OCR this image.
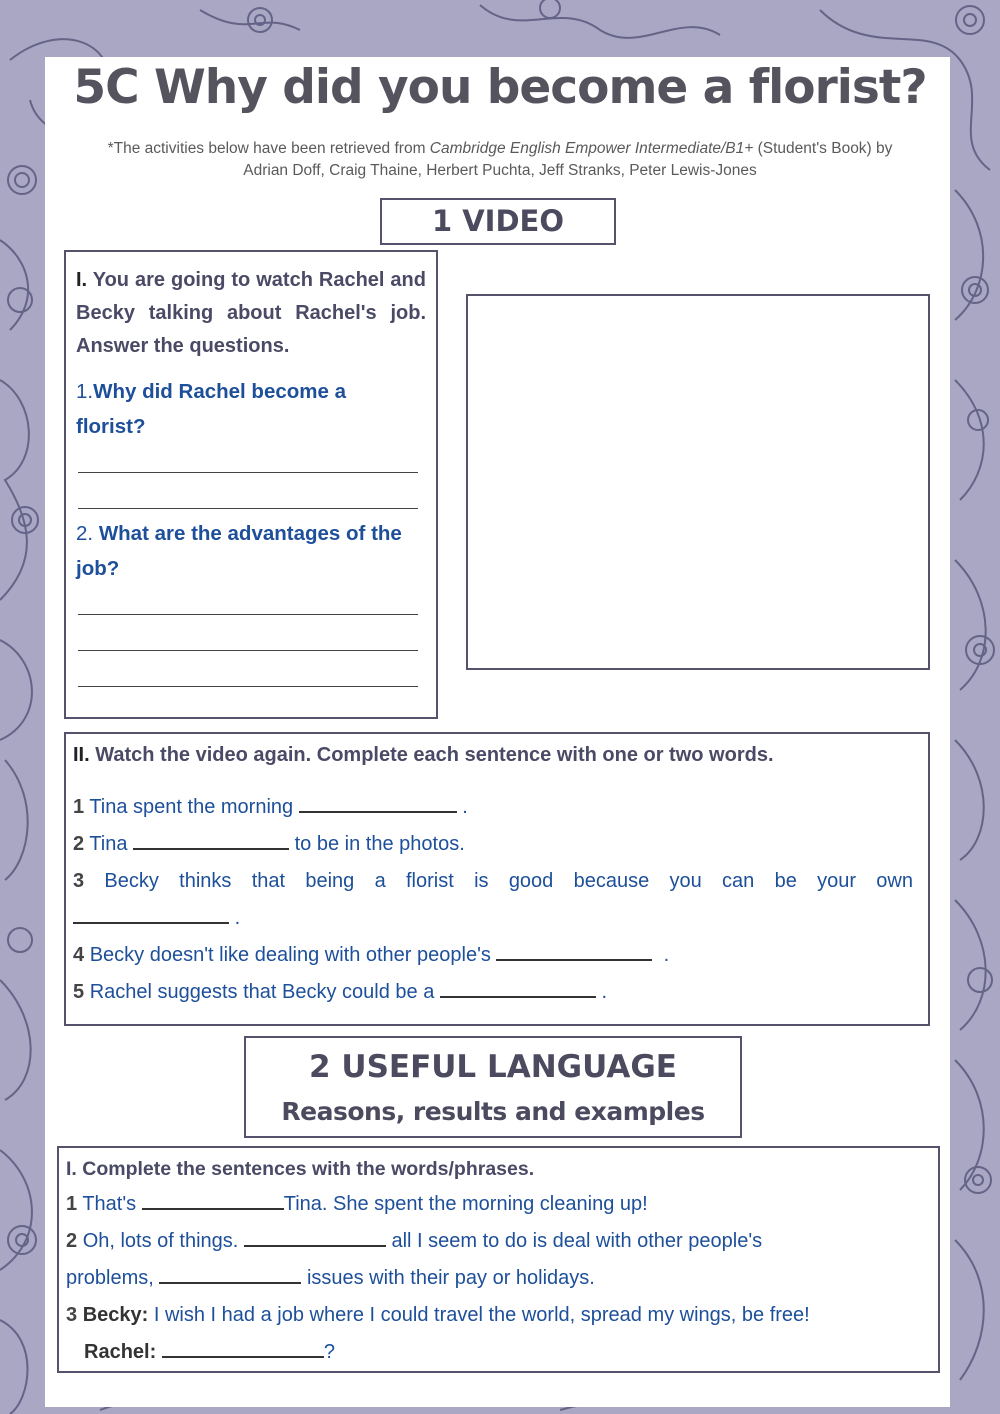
5C Why did you become a florist?
*The activities below have been retrieved from Cambridge English Empower Intermediate/B1+ (Student's Book) by
Adrian Doff, Craig Thaine, Herbert Puchta, Jeff Stranks, Peter Lewis-Jones
1 VIDEO
I. You are going to watch Rachel and Becky talking about Rachel's job. Answer the questions.
1.Why did Rachel become a florist?
2. What are the advantages of the job?
II. Watch the video again. Complete each sentence with one or two words.
1 Tina spent the morning	.
2 Tina	to be in the photos.
3 Becky thinks that being a florist is good because you can be your own
.
4 Becky doesn't like dealing with other people's	.
5 Rachel suggests that Becky could be a	.
2 USEFUL LANGUAGE
Reasons, results and examples
I. Complete the sentences with the words/phrases.
1 That's	Tina. She spent the morning cleaning up!
2 Oh, lots of things.	all I seem to do is deal with other people's
problems,	issues with their pay or holidays.
3 Becky: I wish I had a job where I could travel the world, spread my wings, be free!
Rachel:	?
